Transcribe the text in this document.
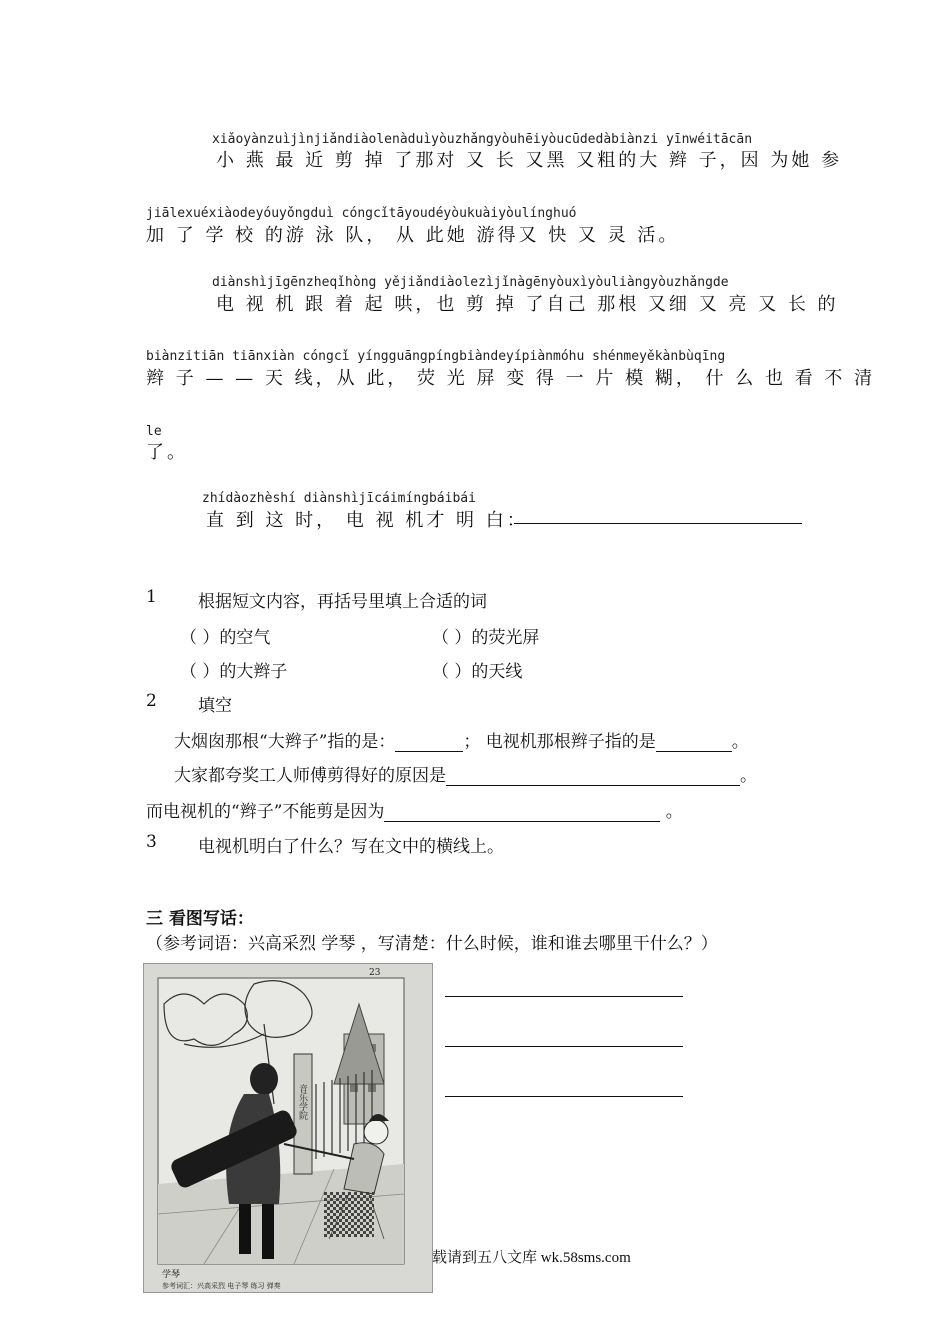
xiǎoyànzuìjìnjiǎndiàolenàduìyòuzhǎngyòuhēiyòucūdedàbiànzi yīnwéitācān
小 燕 最 近 剪 掉 了那对 又 长 又黑 又粗的大 辫 子，因 为她 参
jiālexuéxiàodeyóuyǒngduì cóngcǐtāyoudéyòukuàiyòulínghuó
加 了 学 校 的游 泳 队， 从 此她 游得又 快 又 灵 活。
diànshìjīgēnzheqǐhòng yějiǎndiàolezìjǐnàgēnyòuxìyòuliàngyòuzhǎngde
电 视 机 跟 着 起 哄，也 剪 掉 了自己 那根 又细 又 亮 又 长 的
biànzitiān tiānxiàn cóngcǐ yíngguāngpíngbiàndeyípiànmóhu shénmeyěkànbùqīng
辫 子 — — 天 线，从 此， 荧 光 屏 变 得 一 片 模 糊， 什 么 也 看 不 清
le
了。
zhídàozhèshí diànshìjīcáimíngbáibái
直 到 这 时， 电 视 机才 明 白：
1 根据短文内容，再括号里填上合适的词
（ ）的空气	（ ）的荧光屏
（ ）的大辫子	（ ）的天线
2 填空
大烟囱那根“大辫子”指的是：	； 电视机那根辫子指的是	。
大家都夸奖工人师傅剪得好的原因是	。
而电视机的“辫子”不能剪是因为	。
3 电视机明白了什么？写在文中的横线上。
三 看图写话：
（参考词语：兴高采烈 学琴 ，写清楚：什么时候，谁和谁去哪里干什么？）
音乐学院
23
学琴
参考词汇：兴高采烈 电子琴 练习 弹奏
载请到五八文库 wk.58sms.com
